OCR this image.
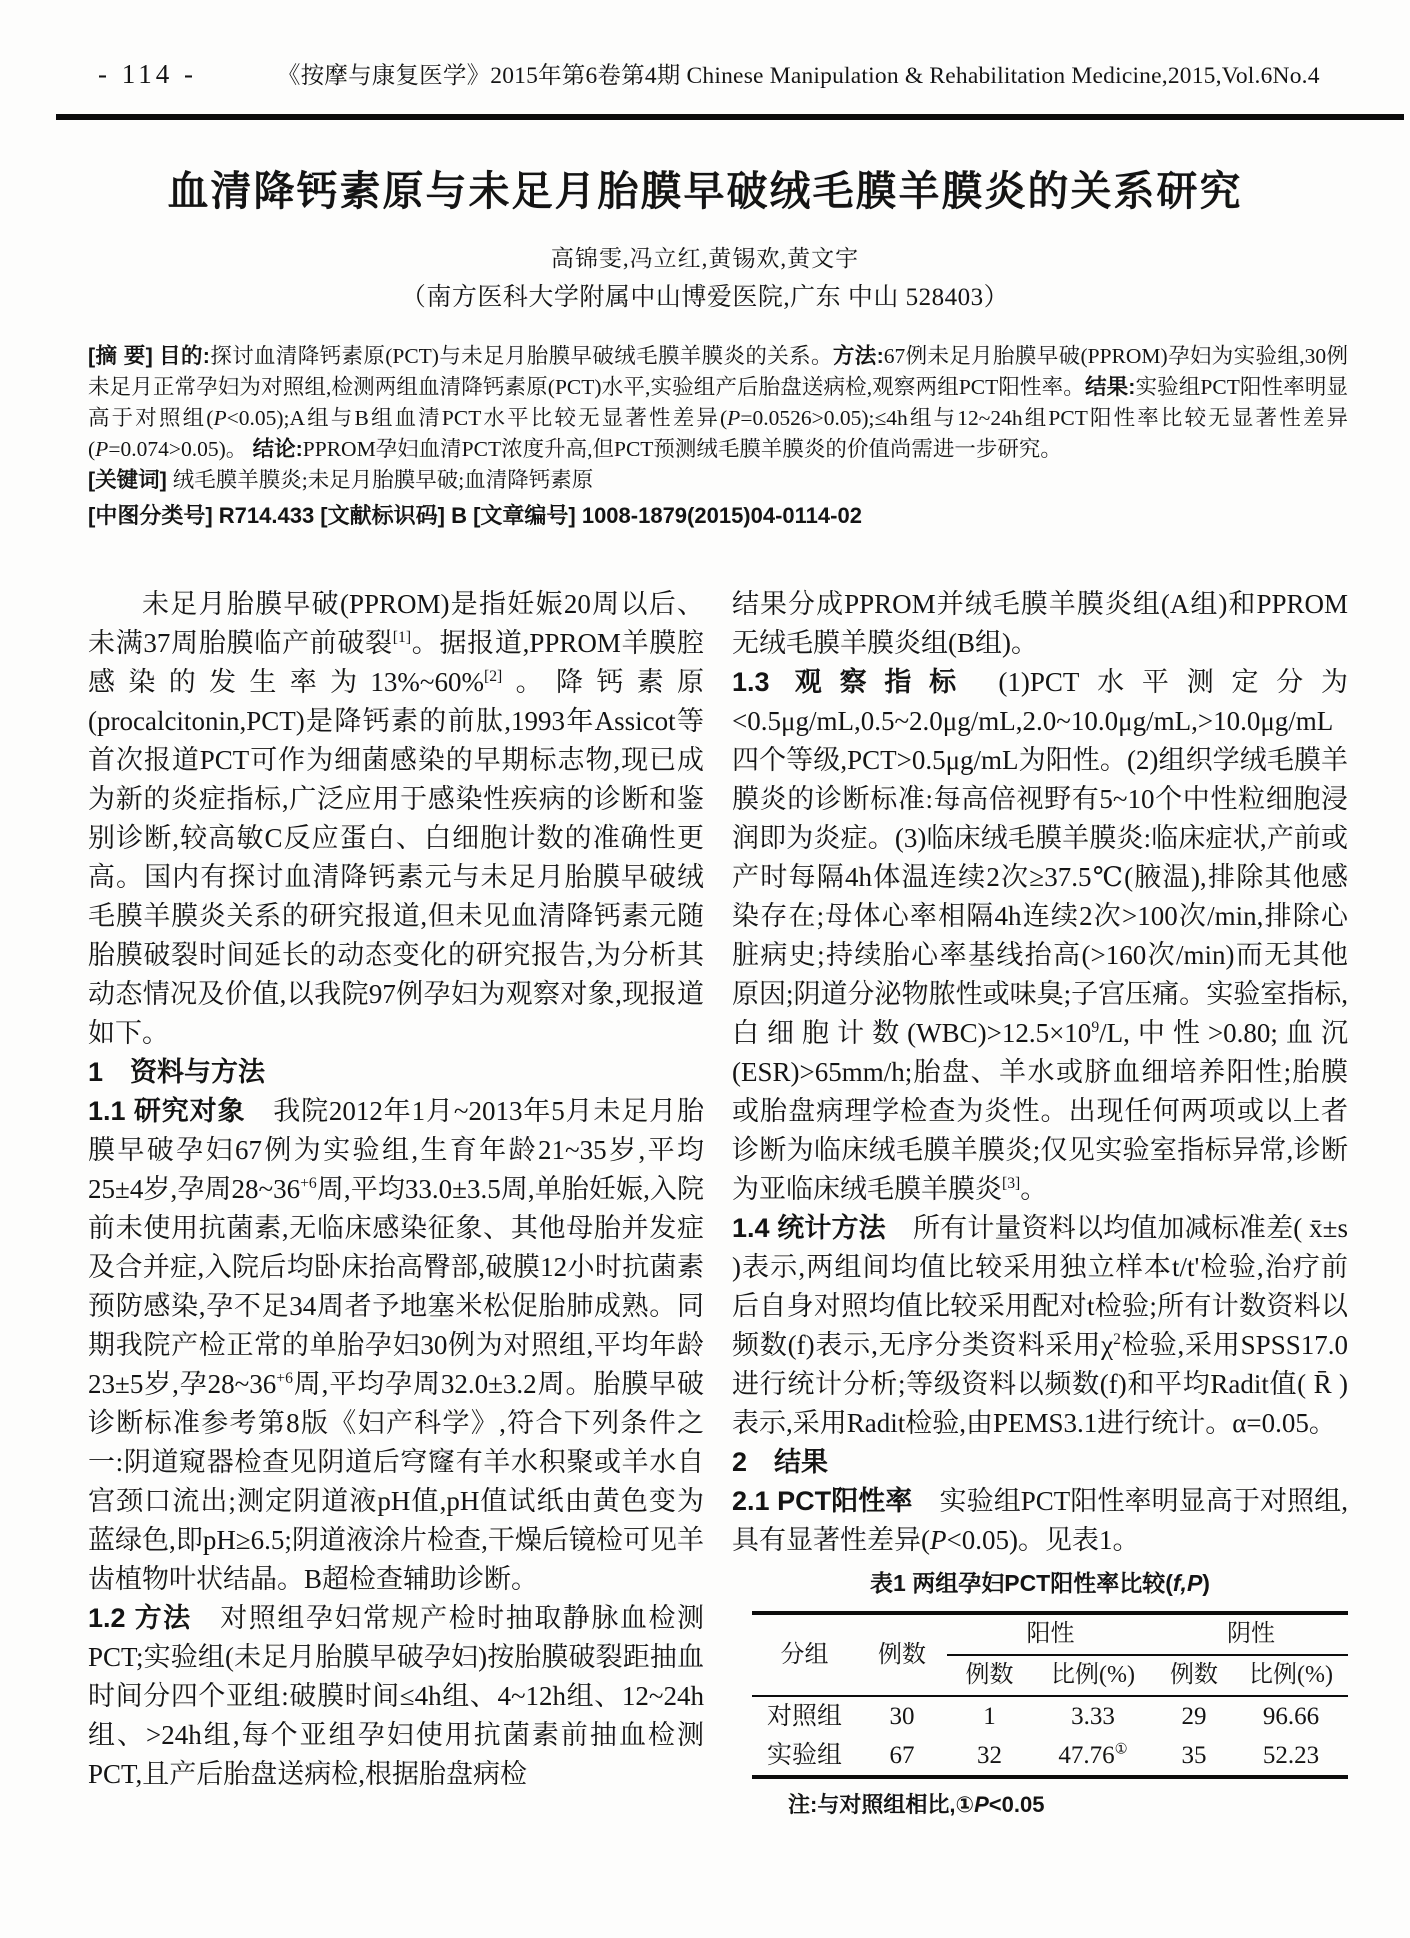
- 114 -	《按摩与康复医学》2015年第6卷第4期 Chinese Manipulation & Rehabilitation Medicine,2015,Vol.6No.4
血清降钙素原与未足月胎膜早破绒毛膜羊膜炎的关系研究
高锦雯,冯立红,黄锡欢,黄文宇
（南方医科大学附属中山博爱医院,广东 中山 528403）

[摘 要] 目的:探讨血清降钙素原(PCT)与未足月胎膜早破绒毛膜羊膜炎的关系。方法:67例未足月胎膜早破(PPROM)孕妇为实验组,30例未足月正常孕妇为对照组,检测两组血清降钙素原(PCT)水平,实验组产后胎盘送病检,观察两组PCT阳性率。结果:实验组PCT阳性率明显高于对照组(P<0.05);A组与B组血清PCT水平比较无显著性差异(P=0.0526>0.05);≤4h组与12~24h组PCT阳性率比较无显著性差异(P=0.074>0.05)。 结论:PPROM孕妇血清PCT浓度升高,但PCT预测绒毛膜羊膜炎的价值尚需进一步研究。

[关键词] 绒毛膜羊膜炎;未足月胎膜早破;血清降钙素原

[中图分类号] R714.433 [文献标识码] B [文章编号] 1008-1879(2015)04-0114-02

未足月胎膜早破(PPROM)是指妊娠20周以后、未满37周胎膜临产前破裂[1]。据报道,PPROM羊膜腔感染的发生率为13%~60%[2]。降钙素原(procalcitonin,PCT)是降钙素的前肽,1993年Assicot等首次报道PCT可作为细菌感染的早期标志物,现已成为新的炎症指标,广泛应用于感染性疾病的诊断和鉴别诊断,较高敏C反应蛋白、白细胞计数的准确性更高。国内有探讨血清降钙素元与未足月胎膜早破绒毛膜羊膜炎关系的研究报道,但未见血清降钙素元随胎膜破裂时间延长的动态变化的研究报告,为分析其动态情况及价值,以我院97例孕妇为观察对象,现报道如下。

1　资料与方法

1.1 研究对象　我院2012年1月~2013年5月未足月胎膜早破孕妇67例为实验组,生育年龄21~35岁,平均25±4岁,孕周$28\sim 36^{+6}$周,平均33.0±3.5周,单胎妊娠,入院前未使用抗菌素,无临床感染征象、其他母胎并发症及合并症,入院后均卧床抬高臀部,破膜12小时抗菌素预防感染,孕不足34周者予地塞米松促胎肺成熟。同期我院产检正常的单胎孕妇30例为对照组,平均年龄23±5岁,孕$28\sim 36^{+6}$周,平均孕周32.0±3.2周。胎膜早破诊断标准参考第8版《妇产科学》,符合下列条件之一:阴道窥器检查见阴道后穹窿有羊水积聚或羊水自宫颈口流出;测定阴道液pH值,pH值试纸由黄色变为蓝绿色,即pH≥6.5;阴道液涂片检查,干燥后镜检可见羊齿植物叶状结晶。B超检查辅助诊断。

1.2 方法　对照组孕妇常规产检时抽取静脉血检测PCT;实验组(未足月胎膜早破孕妇)按胎膜破裂距抽血时间分四个亚组:破膜时间≤4h组、4~12h组、12~24h组、>24h组,每个亚组孕妇使用抗菌素前抽血检测 PCT,且产后胎盘送病检,根据胎盘病检

结果分成PPROM并绒毛膜羊膜炎组(A组)和PPROM无绒毛膜羊膜炎组(B组)。

1.3 观察指标 (1)PCT水平测定分为<0.5μg/mL,0.5~2.0μg/mL,2.0~10.0μg/mL,>10.0μg/mL 四个等级,PCT>0.5μg/mL为阳性。(2)组织学绒毛膜羊膜炎的诊断标准:每高倍视野有5~10个中性粒细胞浸润即为炎症。(3)临床绒毛膜羊膜炎:临床症状,产前或产时每隔4h体温连续2次≥37.5℃(腋温),排除其他感染存在;母体心率相隔4h连续2次>100次/min,排除心脏病史;持续胎心率基线抬高(>160次/min)而无其他原因;阴道分泌物脓性或味臭;子宫压痛。实验室指标,白细胞计数$(WBC)>12.5\times 10^9/L$,中性>0.80;血沉(ESR)>65mm/h;胎盘、羊水或脐血细培养阳性;胎膜或胎盘病理学检查为炎性。出现任何两项或以上者诊断为临床绒毛膜羊膜炎;仅见实验室指标异常,诊断为亚临床绒毛膜羊膜炎[3]。

1.4 统计方法　所有计量资料以均值加减标准差( x̄±s )表示,两组间均值比较采用独立样本t/t'检验,治疗前后自身对照均值比较采用配对t检验;所有计数资料以频数(f)表示,无序分类资料采用$\chi^2$检验,采用SPSS17.0进行统计分析;等级资料以频数(f)和平均Radit值( R̄ )表示,采用Radit检验,由PEMS3.1进行统计。α=0.05。

2　结果

2.1 PCT阳性率　实验组PCT阳性率明显高于对照组,具有显著性差异(P<0.05)。见表1。

表1 两组孕妇PCT阳性率比较(f,P)

分组	例数	阳性		阴性	
		例数	比例(%)	例数	比例(%)
对照组	30	1	3.33	29	96.66
实验组	67	32	47.76①	35	52.23

注:与对照组相比,①P<0.05
